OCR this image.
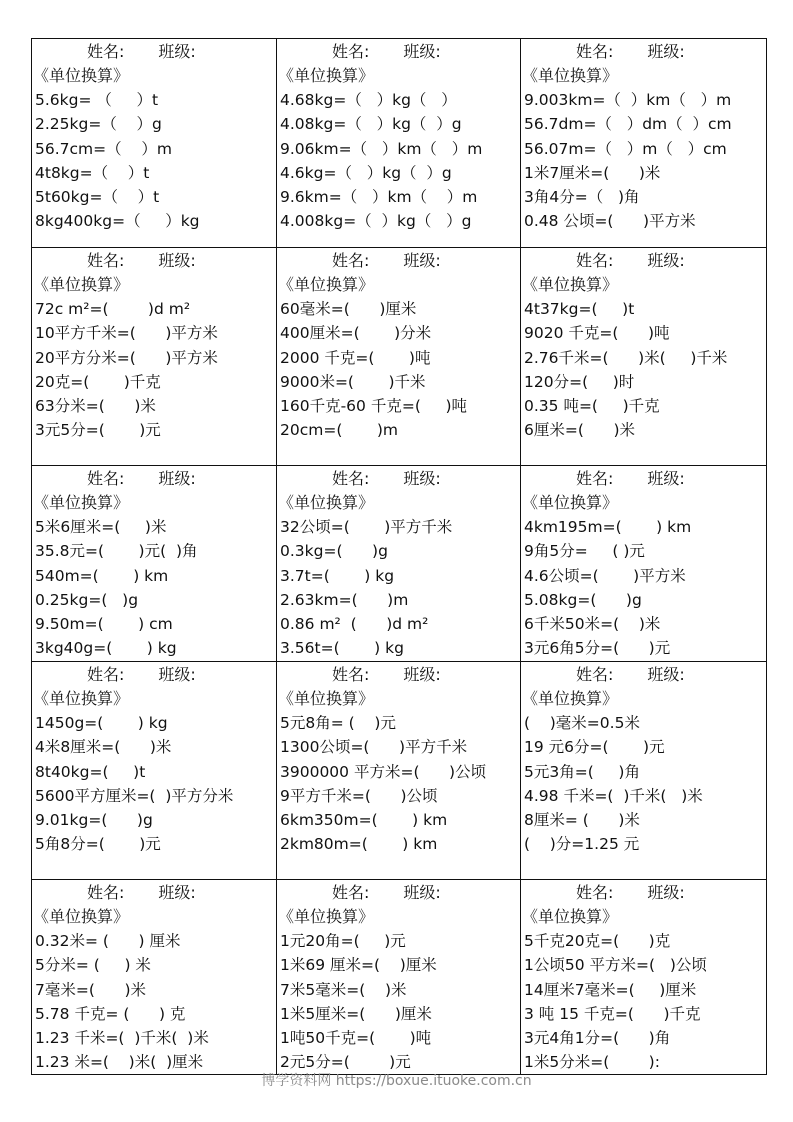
姓名: 班级:
《单位换算》
5.6kg= （     ）t
2.25kg=（    ）g
56.7cm=（    ）m
4t8kg=（    ）t
5t60kg=（    ）t
8kg400kg=（     ）kg
姓名: 班级:
《单位换算》
4.68kg=（   ）kg（   ）
4.08kg=（   ）kg（  ）g
9.06km=（   ）km（   ）m
4.6kg=（   ）kg（  ）g
9.6km=（   ）km（    ）m
4.008kg=（  ）kg（   ）g
姓名: 班级:
《单位换算》
9.003km=（  ）km（   ）m
56.7dm=（   ）dm（  ）cm
56.07m=（   ）m（   ）cm
1米7厘米=(      )米
3角4分=（   )角
0.48 公顷=(      )平方米
姓名: 班级:
《单位换算》
72c m²=(        )d m²
10平方千米=(      )平方米
20平方分米=(      )平方米
20克=(       )千克
63分米=(      )米
3元5分=(       )元
姓名: 班级:
《单位换算》
60毫米=(      )厘米
400厘米=(       )分米
2000 千克=(       )吨
9000米=(       )千米
160千克-60 千克=(     )吨
20cm=(       )m
姓名: 班级:
《单位换算》
4t37kg=(     )t
9020 千克=(      )吨
2.76千米=(      )米(     )千米
120分=(     )时
0.35 吨=(     )千克
6厘米=(      )米
姓名: 班级:
《单位换算》
5米6厘米=(     )米
35.8元=(       )元(  )角
540m=(       ) km
0.25kg=(   )g
9.50m=(       ) cm
3kg40g=(       ) kg
姓名: 班级:
《单位换算》
32公顷=(       )平方千米
0.3kg=(      )g
3.7t=(       ) kg
2.63km=(      )m
0.86 m²  (      )d m²
3.56t=(       ) kg
姓名: 班级:
《单位换算》
4km195m=(       ) km
9角5分=     ( )元
4.6公顷=(       )平方米
5.08kg=(      )g
6千米50米=(    )米
3元6角5分=(      )元
姓名: 班级:
《单位换算》
1450g=(       ) kg
4米8厘米=(      )米
8t40kg=(     )t
5600平方厘米=(  )平方分米
9.01kg=(      )g
5角8分=(       )元
姓名: 班级:
《单位换算》
5元8角= (    )元
1300公顷=(      )平方千米
3900000 平方米=(      )公顷
9平方千米=(      )公顷
6km350m=(       ) km
2km80m=(       ) km
姓名: 班级:
《单位换算》
(    )毫米=0.5米
19 元6分=(       )元
5元3角=(     )角
4.98 千米=(  )千米(   )米
8厘米= (      )米
(    )分=1.25 元
姓名: 班级:
《单位换算》
0.32米= (      ) 厘米
5分米= (     ) 米
7毫米=(      )米
5.78 千克= (      ) 克
1.23 千米=(  )千米(  )米
1.23 米=(    )米(  )厘米
姓名: 班级:
《单位换算》
1元20角=(     )元
1米69 厘米=(    )厘米
7米5毫米=(    )米
1米5厘米=(      )厘米
1吨50千克=(       )吨
2元5分=(        )元
姓名: 班级:
《单位换算》
5千克20克=(      )克
1公顷50 平方米=(   )公顷
14厘米7毫米=(     )厘米
3 吨 15 千克=(      )千克
3元4角1分=(      )角
1米5分米=(        ):
博学资料网 https://boxue.ituoke.com.cn
